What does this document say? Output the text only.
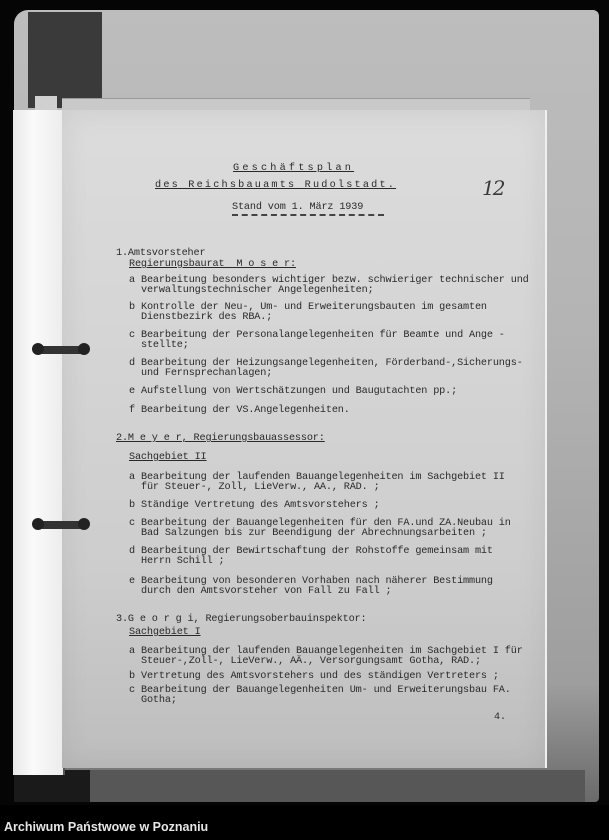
Geschäftsplan
des Reichsbauamts Rudolstadt.
Stand vom 1. März 1939
12
1.Amtsvorsteher
Regierungsbaurat  M o s e r:
a Bearbeitung besonders wichtiger bezw. schwieriger technischer und
verwaltungstechnischer Angelegenheiten;
b Kontrolle der Neu-, Um- und Erweiterungsbauten im gesamten
Dienstbezirk des RBA.;
c Bearbeitung der Personalangelegenheiten für Beamte und Ange -
stellte;
d Bearbeitung der Heizungsangelegenheiten, Förderband-,Sicherungs-
und Fernsprechanlagen;
e Aufstellung von Wertschätzungen und Baugutachten pp.;
f Bearbeitung der VS.Angelegenheiten.
2.M e y e r, Regierungsbauassessor:
Sachgebiet II
a Bearbeitung der laufenden Bauangelegenheiten im Sachgebiet II
für Steuer-, Zoll, LieVerw., AA., RAD. ;
b Ständige Vertretung des Amtsvorstehers ;
c Bearbeitung der Bauangelegenheiten für den FA.und ZA.Neubau in
Bad Salzungen bis zur Beendigung der Abrechnungsarbeiten ;
d Bearbeitung der Bewirtschaftung der Rohstoffe gemeinsam mit
Herrn Schill ;
e Bearbeitung von besonderen Vorhaben nach näherer Bestimmung
durch den Amtsvorsteher von Fall zu Fall ;
3.G e o r g i, Regierungsoberbauinspektor:
Sachgebiet I
a Bearbeitung der laufenden Bauangelegenheiten im Sachgebiet I für
Steuer-,Zoll-, LieVerw., AÄ., Versorgungsamt Gotha, RAD.;
b Vertretung des Amtsvorstehers und des ständigen Vertreters ;
c Bearbeitung der Bauangelegenheiten Um- und Erweiterungsbau FA.
Gotha;
4.
Archiwum Państwowe w Poznaniu
